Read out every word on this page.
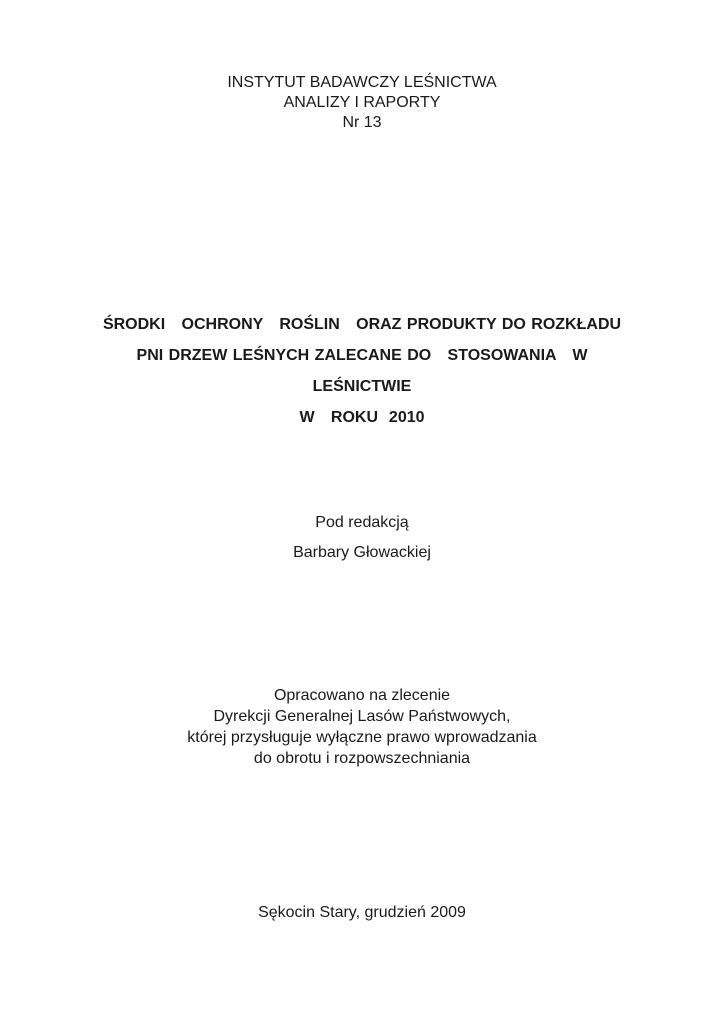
INSTYTUT BADAWCZY LEŚNICTWA
ANALIZY I RAPORTY
Nr 13
ŚRODKI   OCHRONY   ROŚLIN   ORAZ PRODUKTY DO ROZKŁADU
PNI DRZEW LEŚNYCH ZALECANE DO   STOSOWANIA   W
LEŚNICTWIE
W   ROKU  2010
Pod redakcją
Barbary Głowackiej
Opracowano na zlecenie
Dyrekcji Generalnej Lasów Państwowych,
której przysługuje wyłączne prawo wprowadzania
do obrotu i rozpowszechniania
Sękocin Stary, grudzień 2009
